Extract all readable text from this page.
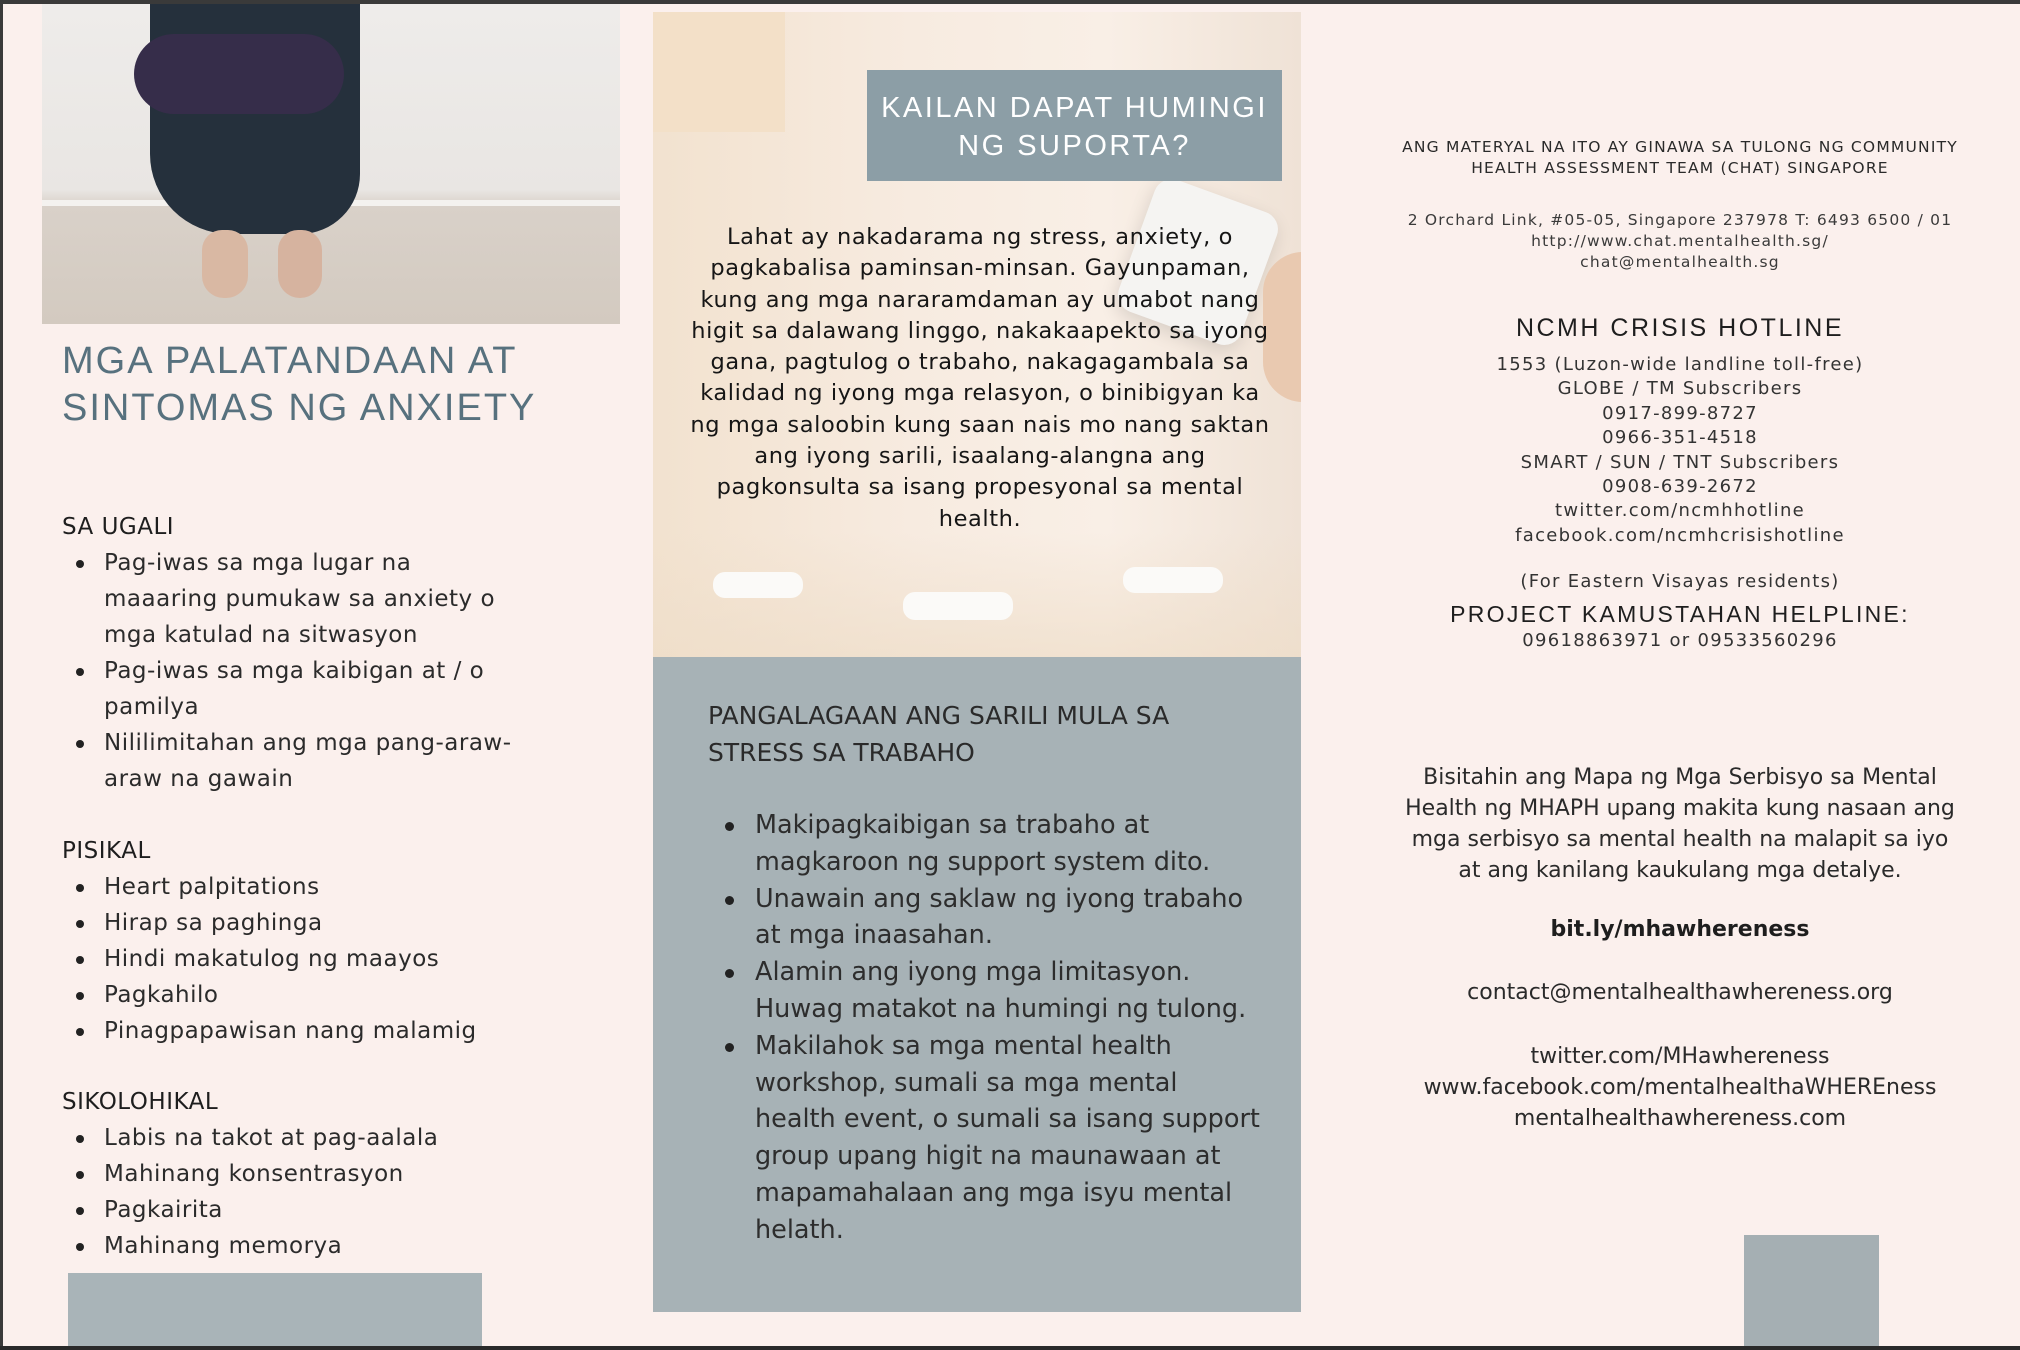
MGA PALATANDAAN AT SINTOMAS NG ANXIETY
SA UGALI
Pag-iwas sa mga lugar na maaaring pumukaw sa anxiety o mga katulad na sitwasyon
Pag-iwas sa mga kaibigan at / o pamilya
Nililimitahan ang mga pang-araw-araw na gawain
PISIKAL
Heart palpitations
Hirap sa paghinga
Hindi makatulog ng maayos
Pagkahilo
Pinagpapawisan nang malamig
SIKOLOHIKAL
Labis na takot at pag-aalala
Mahinang konsentrasyon
Pagkairita
Mahinang memorya
KAILAN DAPAT HUMINGI NG SUPORTA?

Lahat ay nakadarama ng stress, anxiety, o pagkabalisa paminsan-minsan. Gayunpaman, kung ang mga nararamdaman ay umabot nang higit sa dalawang linggo, nakakaapekto sa iyong gana, pagtulog o trabaho, nakagagambala sa kalidad ng iyong mga relasyon, o binibigyan ka ng mga saloobin kung saan nais mo nang saktan ang iyong sarili, isaalang-alangna ang pagkonsulta sa isang propesyonal sa mental health.

PANGALAGAAN ANG SARILI MULA SA STRESS SA TRABAHO
Makipagkaibigan sa trabaho at magkaroon ng support system dito.
Unawain ang saklaw ng iyong trabaho at mga inaasahan.
Alamin ang iyong mga limitasyon. Huwag matakot na humingi ng tulong.
Makilahok sa mga mental health workshop, sumali sa mga mental health event, o sumali sa isang support group upang higit na maunawaan at mapamahalaan ang mga isyu mental helath.

ANG MATERYAL NA ITO AY GINAWA SA TULONG NG COMMUNITY HEALTH ASSESSMENT TEAM (CHAT) SINGAPORE

2 Orchard Link, #05-05, Singapore 237978 T: 6493 6500 / 01
http://www.chat.mentalhealth.sg/
chat@mentalhealth.sg
NCMH CRISIS HOTLINE
1553 (Luzon-wide landline toll-free)
GLOBE / TM Subscribers
0917-899-8727
0966-351-4518
SMART / SUN / TNT Subscribers
0908-639-2672
twitter.com/ncmhhotline
facebook.com/ncmhcrisishotline
(For Eastern Visayas residents)
PROJECT KAMUSTAHAN HELPLINE:
09618863971 or 09533560296

Bisitahin ang Mapa ng Mga Serbisyo sa Mental Health ng MHAPH upang makita kung nasaan ang mga serbisyo sa mental health na malapit sa iyo at ang kanilang kaukulang mga detalye.

bit.ly/mhawhereness
contact@mentalhealthawhereness.org
twitter.com/MHawhereness
www.facebook.com/mentalhealthaWHEREness
mentalhealthawhereness.com
